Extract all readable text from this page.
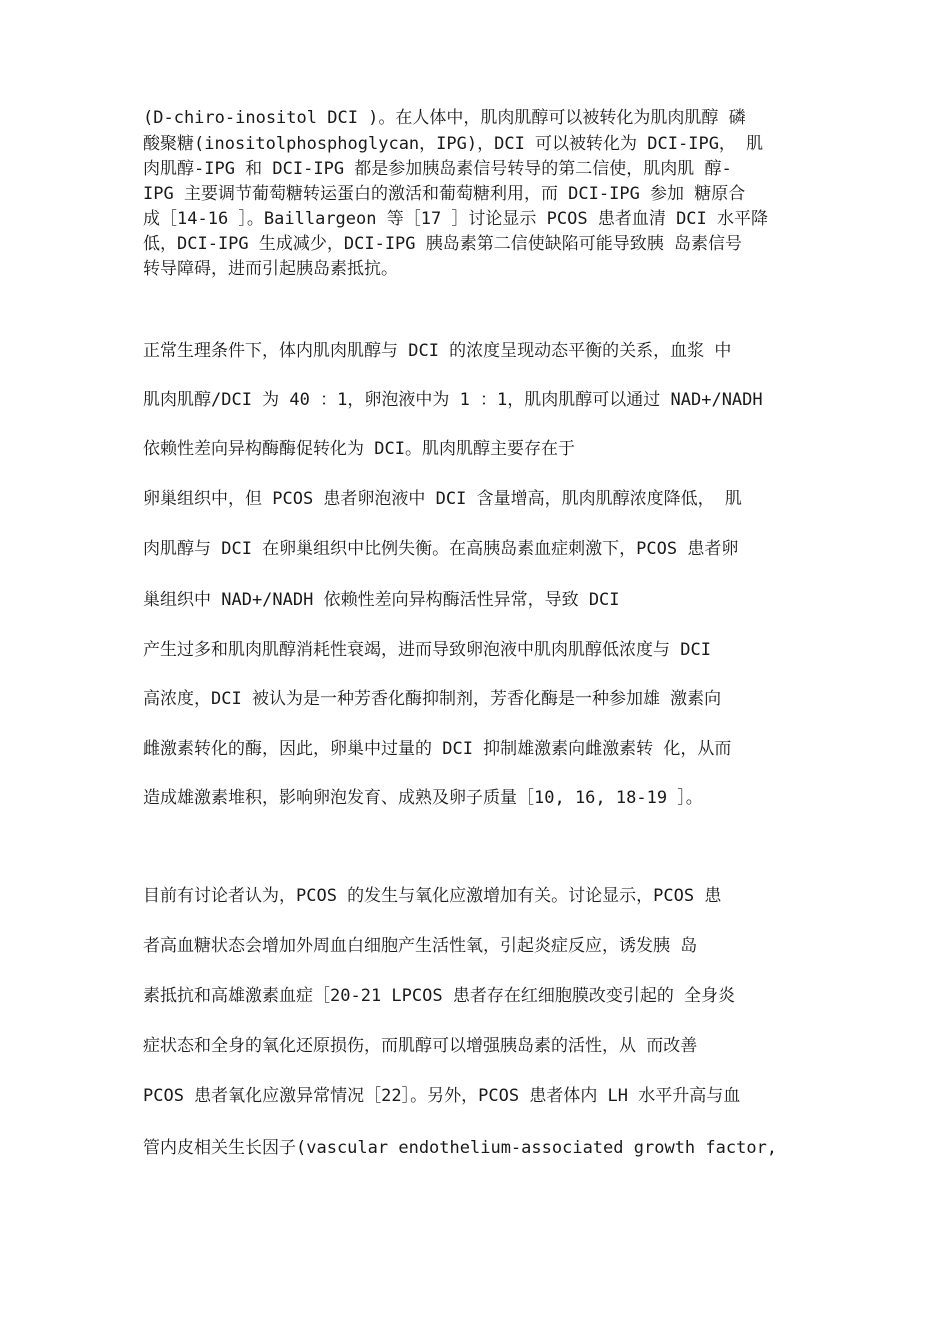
(D-chiro-inositol DCI )。在人体中，肌肉肌醇可以被转化为肌肉肌醇 磷
酸聚糖(inositolphosphoglycan，IPG)，DCI 可以被转化为 DCI-IPG， 肌
肉肌醇-IPG 和 DCI-IPG 都是参加胰岛素信号转导的第二信使，肌肉肌 醇-
IPG 主要调节葡萄糖转运蛋白的激活和葡萄糖利用，而 DCI-IPG 参加 糖原合
成［14-16 ］。Baillargeon 等［17 ］讨论显示 PCOS 患者血清 DCI 水平降
低，DCI-IPG 生成减少，DCI-IPG 胰岛素第二信使缺陷可能导致胰 岛素信号
转导障碍，进而引起胰岛素抵抗。
正常生理条件下，体内肌肉肌醇与 DCI 的浓度呈现动态平衡的关系，血浆 中
肌肉肌醇/DCI 为 40 ：1，卵泡液中为 1 ：1，肌肉肌醇可以通过 NAD+/NADH
依赖性差向异构酶酶促转化为 DCI。肌肉肌醇主要存在于
卵巢组织中，但 PCOS 患者卵泡液中 DCI 含量增高，肌肉肌醇浓度降低， 肌
肉肌醇与 DCI 在卵巢组织中比例失衡。在高胰岛素血症刺激下，PCOS 患者卵
巢组织中 NAD+/NADH 依赖性差向异构酶活性异常，导致 DCI
产生过多和肌肉肌醇消耗性衰竭，进而导致卵泡液中肌肉肌醇低浓度与 DCI
高浓度，DCI 被认为是一种芳香化酶抑制剂，芳香化酶是一种参加雄 激素向
雌激素转化的酶，因此，卵巢中过量的 DCI 抑制雄激素向雌激素转 化，从而
造成雄激素堆积，影响卵泡发育、成熟及卵子质量［10, 16, 18-19 ］。
目前有讨论者认为，PCOS 的发生与氧化应激增加有关。讨论显示，PCOS 患
者高血糖状态会增加外周血白细胞产生活性氧，引起炎症反应，诱发胰 岛
素抵抗和高雄激素血症［20-21 LPCOS 患者存在红细胞膜改变引起的 全身炎
症状态和全身的氧化还原损伤，而肌醇可以增强胰岛素的活性，从 而改善
PCOS 患者氧化应激异常情况［22］。另外，PCOS 患者体内 LH 水平升高与血
管内皮相关生长因子(vascular endothelium-associated growth factor,
